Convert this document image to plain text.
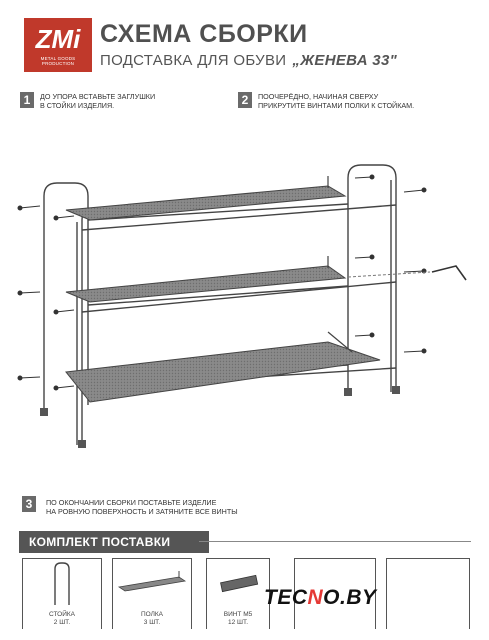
ZMi
METAL GOODS PRODUCTION
СХЕМА СБОРКИ
ПОДСТАВКА ДЛЯ ОБУВИ „ЖЕНЕВА 33"
1	ДО УПОРА ВСТАВЬТЕ ЗАГЛУШКИ
В СТОЙКИ ИЗДЕЛИЯ.	2	ПООЧЕРЁДНО, НАЧИНАЯ СВЕРХУ
ПРИКРУТИТЕ ВИНТАМИ ПОЛКИ К СТОЙКАМ.
3	ПО ОКОНЧАНИИ СБОРКИ ПОСТАВЬТЕ ИЗДЕЛИЕ
НА РОВНУЮ ПОВЕРХНОСТЬ И ЗАТЯНИТЕ ВСЕ ВИНТЫ
КОМПЛЕКТ ПОСТАВКИ
СТОЙКА
2 ШТ.
ПОЛКА
3 ШТ.
ВИНТ М5
12 ШТ.
TECNO.BY
